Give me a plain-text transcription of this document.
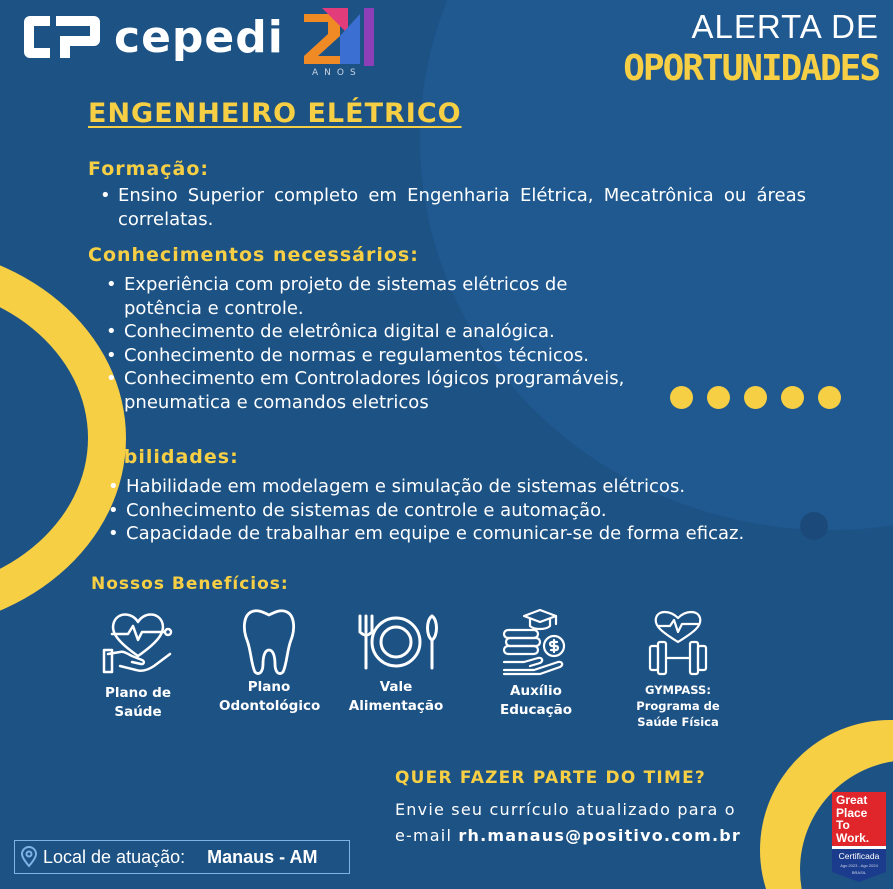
cepedi
ANOS
ALERTA DE
OPORTUNIDADES
ENGENHEIRO ELÉTRICO
Formação:
• Ensino Superior completo em Engenharia Elétrica, Mecatrônica ou áreas correlatas.
Conhecimentos necessários:
• Experiência com projeto de sistemas elétricos de potência e controle.
• Conhecimento de eletrônica digital e analógica.
• Conhecimento de normas e regulamentos técnicos.
• Conhecimento em Controladores lógicos programáveis, pneumatica e comandos eletricos
Habilidades:
• Habilidade em modelagem e simulação de sistemas elétricos.
• Conhecimento de sistemas de controle e automação.
• Capacidade de trabalhar em equipe e comunicar-se de forma eficaz.
Nossos Benefícios:
Plano de Saúde
Plano Odontológico
Vale Alimentação
Auxílio Educação
GYMPASS: Programa de Saúde Física
QUER FAZER PARTE DO TIME?
Envie seu currículo atualizado para o
e-mail rh.manaus@positivo.com.br
Local de atuação: Manaus - AM
Great
Place
To
Work.
Certificada
Ago 2023 - Ago 2024
BRASIL
